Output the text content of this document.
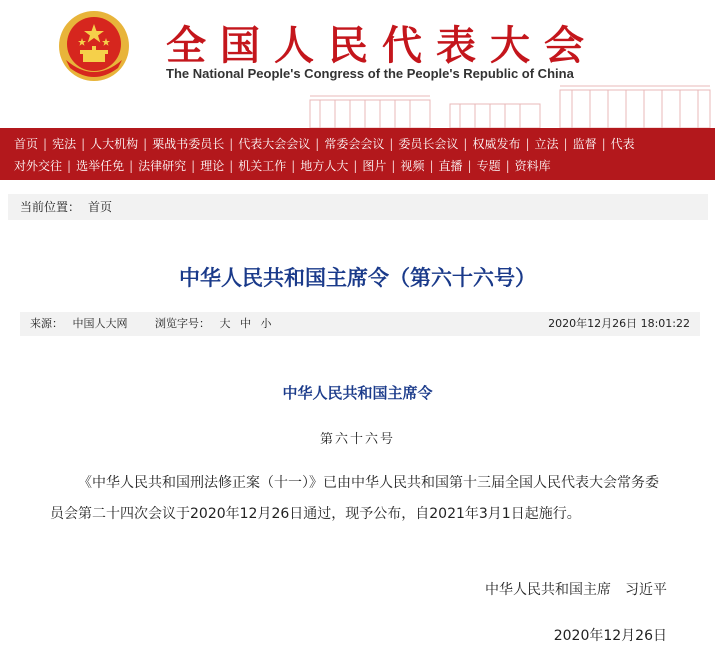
全国人民代表大会
The National People's Congress of the People's Republic of China
首页 | 宪法 | 人大机构 | 栗战书委员长 | 代表大会会议 | 常委会会议 | 委员长会议 | 权威发布 | 立法 | 监督 | 代表
对外交往 | 选举任免 | 法律研究 | 理论 | 机关工作 | 地方人大 | 图片 | 视频 | 直播 | 专题 | 资料库
当前位置： 首页
中华人民共和国主席令（第六十六号）
来源： 中国人大网	浏览字号： 大 中 小	2020年12月26日 18:01:22
中华人民共和国主席令
第六十六号
《中华人民共和国刑法修正案（十一）》已由中华人民共和国第十三届全国人民代表大会常务委员会第二十四次会议于2020年12月26日通过，现予公布，自2021年3月1日起施行。
中华人民共和国主席　习近平
2020年12月26日
